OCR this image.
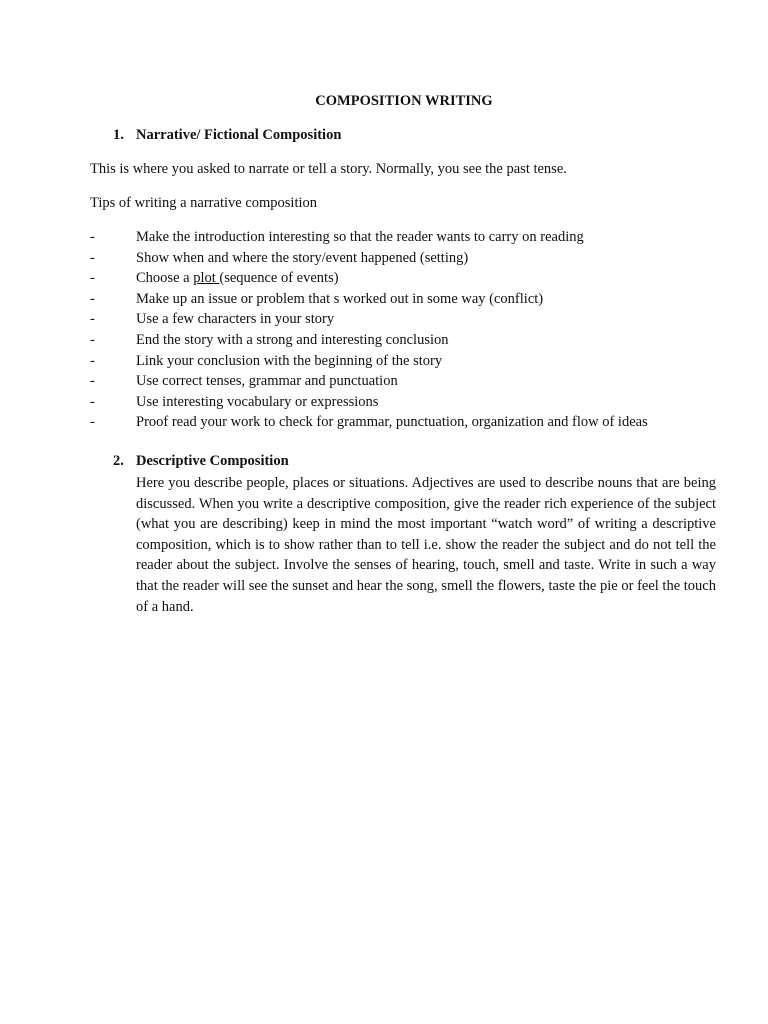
COMPOSITION WRITING
1. Narrative/ Fictional Composition
This is where you asked to narrate or tell a story. Normally, you see the past tense.
Tips of writing a narrative composition
-	Make the introduction interesting so that the reader wants to carry on reading
-	Show when and where the story/event happened (setting)
-	Choose a plot (sequence of events)
-	Make up an issue or problem that s worked out in some way (conflict)
-	Use a few characters in your story
-	End the story with a strong and interesting conclusion
-	Link your conclusion with the beginning of the story
-	Use correct tenses, grammar and punctuation
-	Use interesting vocabulary or expressions
-	Proof read your work to check for grammar, punctuation, organization and flow of ideas
2. Descriptive Composition
Here you describe people, places or situations. Adjectives are used to describe nouns that are being discussed. When you write a descriptive composition, give the reader rich experience of the subject (what you are describing) keep in mind the most important “watch word” of writing a descriptive composition, which is to show rather than to tell i.e. show the reader the subject and do not tell the reader about the subject. Involve the senses of hearing, touch, smell and taste. Write in such a way that the reader will see the sunset and hear the song, smell the flowers, taste the pie or feel the touch of a hand.
